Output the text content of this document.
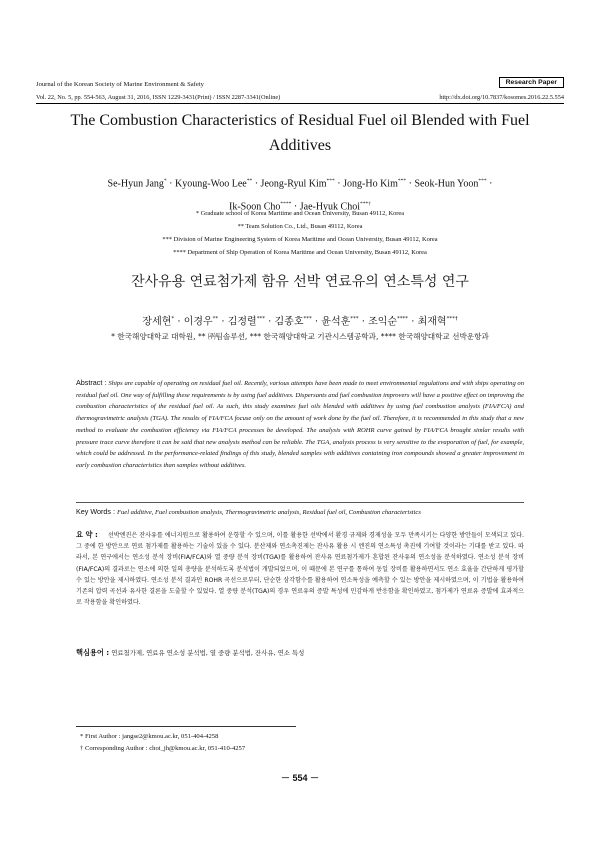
Journal of the Korean Society of Marine Environment & Safety	Research Paper
Vol. 22, No. 5, pp. 554-563, August 31, 2016, ISSN 1229-3431(Print) / ISSN 2287-3341(Online)	http://dx.doi.org/10.7837/kosomes.2016.22.5.554
The Combustion Characteristics of Residual Fuel oil Blended with Fuel Additives
Se-Hyun Jang* · Kyoung-Woo Lee** · Jeong-Ryul Kim*** · Jong-Ho Kim*** · Seok-Hun Yoon*** ·
Ik-Soon Cho**** · Jae-Hyuk Choi***†
* Graduate school of Korea Maritime and Ocean University, Busan 49112, Korea
** Team Solution Co., Ltd., Busan 49112, Korea
*** Division of Marine Engineering System of Korea Maritime and Ocean University, Busan 49112, Korea
**** Department of Ship Operation of Korea Maritime and Ocean University, Busan 49112, Korea
잔사유용 연료첨가제 함유 선박 연료유의 연소특성 연구
장세현* · 이경우** · 김정렬*** · 김종호*** · 윤석훈*** · 조익순**** · 최재혁***†
* 한국해양대학교 대학원, ** ㈜팀솔루션, *** 한국해양대학교 기관시스템공학과, **** 한국해양대학교 선박운항과
Abstract : Ships are capable of operating on residual fuel oil. Recently, various attempts have been made to meet environmental regulations and with ships operating on residual fuel oil. One way of fulfilling these requirements is by using fuel additives. Dispersants and fuel combustion improvers will have a positive effect on improving the combustion characteristics of the residual fuel oil. As such, this study examines fuel oils blended with additives by using fuel combustion analysis (FIA/FCA) and thermogravimetric analysis (TGA). The results of FIA/FCA focuse only on the amount of work done by the fuel oil. Therefore, it is recommended in this study that a new method to evaluate the combustion efficiency via FIA/FCA processes be developed. The analysis with ROHR curve gained by FIA/FCA brought simlar results with pressure trace curve therefore it can be said that new analysis method can be reliable. The TGA, analysis process is very sensitive to the evaporation of fuel, for example, which could be addressed. In the performance-related findings of this study, blended samples with additives containing iron compounds showed a greater improvement in early combustion characteristics than samples without additives.
Key Words : Fuel additive, Fuel combustion analysis, Thermogravimetric analysis, Residual fuel oil, Combustion characteristics
요 약 : 선박엔진은 잔사유를 에너지원으로 활용하여 운항할 수 있으며, 이를 활용한 선박에서 환경 규제와 경제성을 모두 만족시키는 다양한 방안들이 모색되고 있다. 그 중에 한 방안으로 연료 첨가제를 활용하는 기술이 있을 수 있다. 분산제와 연소촉진제는 잔사유 활용 시 엔진의 연소특성 촉진에 기여할 것이라는 기대를 받고 있다. 따라서, 본 연구에서는 연소성 분석 장비(FIA/FCA)와 열 중량 분석 장비(TGA)를 활용하여 잔사유 연료첨가제가 혼합된 잔사유의 연소성을 분석하였다. 연소성 분석 장비(FIA/FCA)의 결과로는 연소에 의한 일의 총량을 분석하도록 분석법이 개발되었으며, 이 때문에 본 연구를 통하여 동일 장비를 활용하면서도 연소 효율을 간단하게 평가할 수 있는 방안을 제시하였다. 연소성 분석 결과인 ROHR 곡선으로부터, 단순한 삼각함수를 활용하여 연소특성을 예측할 수 있는 방안을 제시하였으며, 이 기법을 활용하여 기존의 압력 곡선과 유사한 결론을 도출할 수 있었다. 열 중량 분석(TGA)의 경우 연료유의 증발 특성에 민감하게 반응함을 확인하였고, 첨가제가 연료유 증발에 효과적으로 작용함을 확인하였다.
핵심용어 : 연료첨가제, 연료유 연소성 분석법, 열 중량 분석법, 잔사유, 연소 특성
* First Author : jangse2@kmou.ac.kr, 051-404-4258
† Corresponding Author : choi_jh@kmou.ac.kr, 051-410-4257
－ 554 －
